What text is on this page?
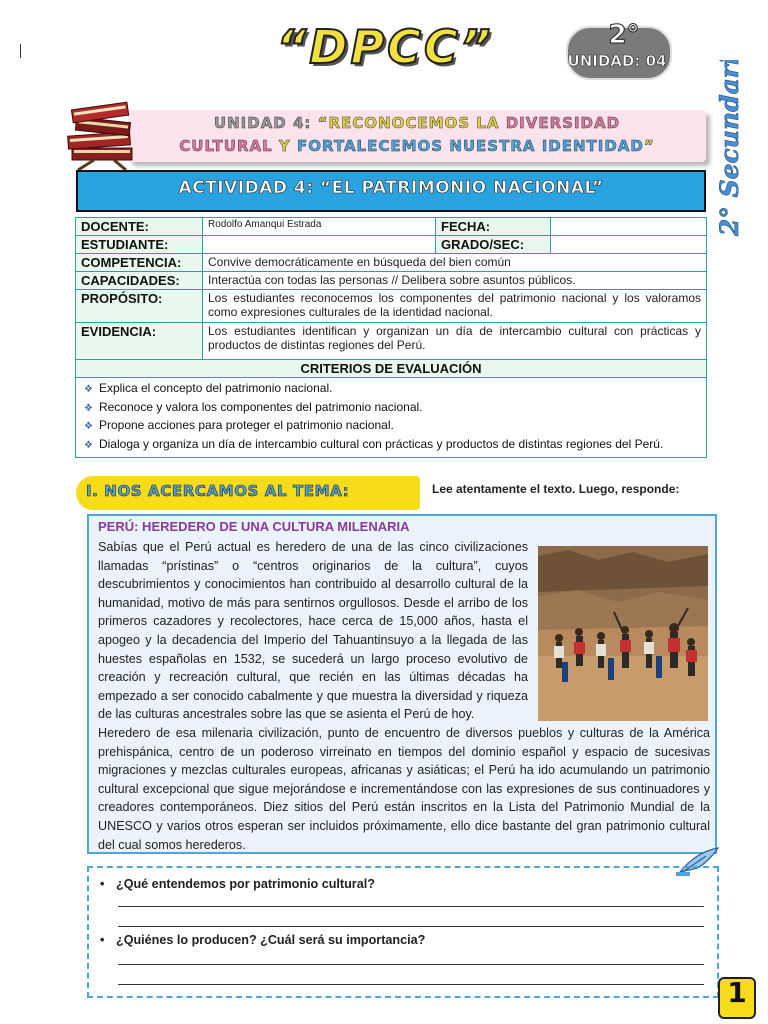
“DPCC”	2°
UNIDAD: 04 2° Secundaria
UNIDAD 4: “RECONOCEMOS LA DIVERSIDAD
CULTURAL Y FORTALECEMOS NUESTRA IDENTIDAD”
ACTIVIDAD 4: “EL PATRIMONIO NACIONAL”
DOCENTE:	Rodolfo Amanqui Estrada	FECHA:	
ESTUDIANTE:		GRADO/SEC:	
COMPETENCIA:	Convive democráticamente en búsqueda del bien común		
CAPACIDADES:	Interactúa con todas las personas // Delibera sobre asuntos públicos.		
PROPÓSITO:	Los estudiantes reconocemos los componentes del patrimonio nacional y los valoramos como expresiones culturales de la identidad nacional.		
EVIDENCIA:	Los estudiantes identifican y organizan un día de intercambio cultural con prácticas y productos de distintas regiones del Perú.		
CRITERIOS DE EVALUACIÓN			

❖ Explica el concepto del patrimonio nacional.
❖ Reconoce y valora los componentes del patrimonio nacional.
❖ Propone acciones para proteger el patrimonio nacional.
❖ Dialoga y organiza un día de intercambio cultural con prácticas y productos de distintas regiones del Perú.			
I. NOS ACERCAMOS AL TEMA:	Lee atentamente el texto. Luego, responde:
PERÚ: HEREDERO DE UNA CULTURA MILENARIA
Sabías que el Perú actual es heredero de una de las cinco civilizaciones llamadas “prístinas” o “centros originarios de la cultura”, cuyos descubrimientos y conocimientos han contribuido al desarrollo cultural de la humanidad, motivo de más para sentirnos orgullosos. Desde el arribo de los primeros cazadores y recolectores, hace cerca de 15,000 años, hasta el apogeo y la decadencia del Imperio del Tahuantinsuyo a la llegada de las huestes españolas en 1532, se sucederá un largo proceso evolutivo de creación y recreación cultural, que recién en las últimas décadas ha empezado a ser conocido cabalmente y que muestra la diversidad y riqueza de las culturas ancestrales sobre las que se asienta el Perú de hoy.
Heredero de esa milenaria civilización, punto de encuentro de diversos pueblos y culturas de la América prehispánica, centro de un poderoso virreinato en tiempos del dominio español y espacio de sucesivas migraciones y mezclas culturales europeas, africanas y asiáticas; el Perú ha ido acumulando un patrimonio cultural excepcional que sigue mejorándose e incrementándose con las expresiones de sus continuadores y creadores contemporáneos. Diez sitios del Perú están inscritos en la Lista del Patrimonio Mundial de la UNESCO y varios otros esperan ser incluidos próximamente, ello dice bastante del gran patrimonio cultural del cual somos herederos.
• ¿Qué entendemos por patrimonio cultural?
• ¿Quiénes lo producen? ¿Cuál será su importancia?
1
